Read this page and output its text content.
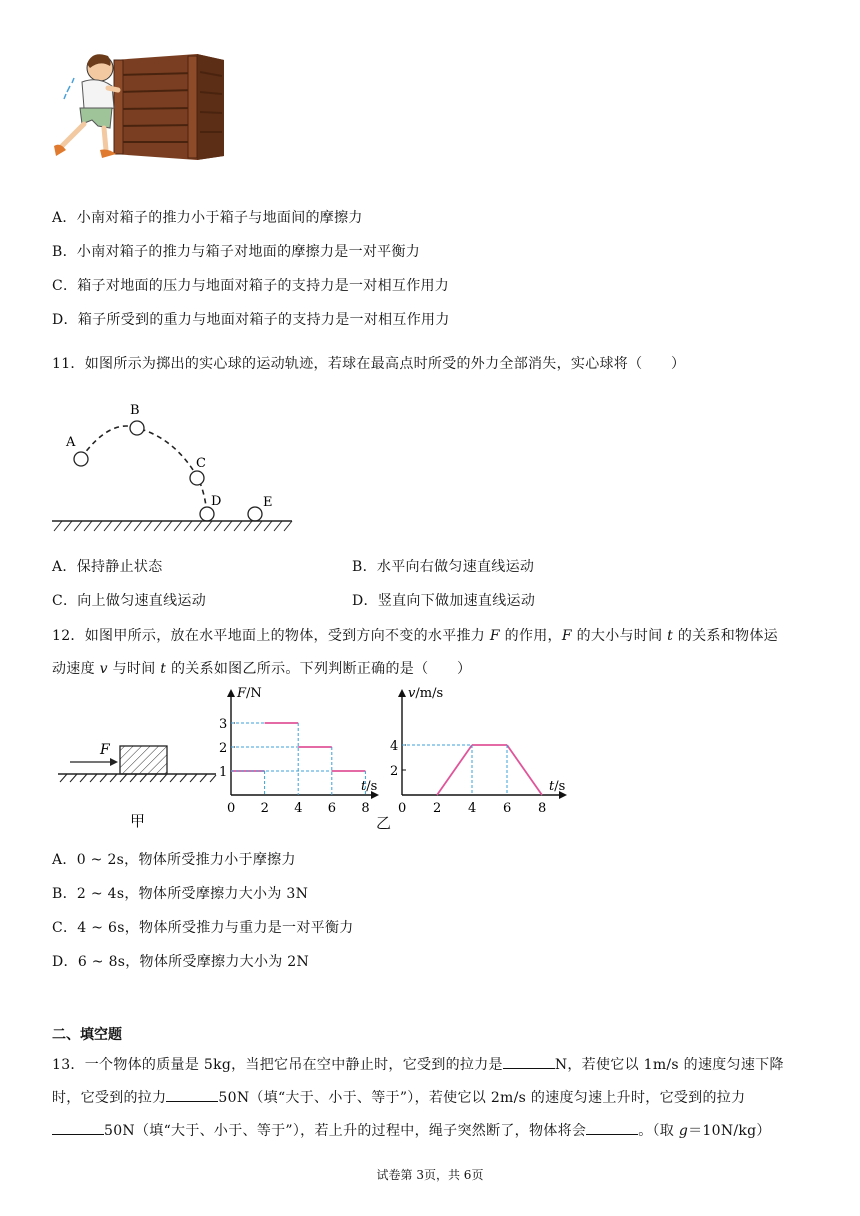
A．小南对箱子的推力小于箱子与地面间的摩擦力
B．小南对箱子的推力与箱子对地面的摩擦力是一对平衡力
C．箱子对地面的压力与地面对箱子的支持力是一对相互作用力
D．箱子所受到的重力与地面对箱子的支持力是一对相互作用力
11．如图所示为掷出的实心球的运动轨迹，若球在最高点时所受的外力全部消失，实心球将（　　）
A
B
C
D	E
A．保持静止状态	B．水平向右做匀速直线运动
C．向上做匀速直线运动	D．竖直向下做加速直线运动
12．如图甲所示，放在水平地面上的物体，受到方向不变的水平推力 F 的作用，F 的大小与时间 t 的关系和物体运
动速度 v 与时间 t 的关系如图乙所示。下列判断正确的是（　　）
F
甲
F/N
t/s
0 2 4 6 8
1
2
3
v/m/s
t/s
0 2 4 6 8
2
4
乙
A．0 ~ 2s，物体所受推力小于摩擦力
B．2 ~ 4s，物体所受摩擦力大小为 3N
C．4 ~ 6s，物体所受推力与重力是一对平衡力
D．6 ~ 8s，物体所受摩擦力大小为 2N
二、填空题
13．一个物体的质量是 5kg，当把它吊在空中静止时，它受到的拉力是	N，若使它以 1m/s 的速度匀速下降
时，它受到的拉力	50N（填“大于、小于、等于”），若使它以 2m/s 的速度匀速上升时，它受到的拉力
50N（填“大于、小于、等于”），若上升的过程中，绳子突然断了，物体将会	。（取 g＝10N/kg）
试卷第 3页，共 6页
